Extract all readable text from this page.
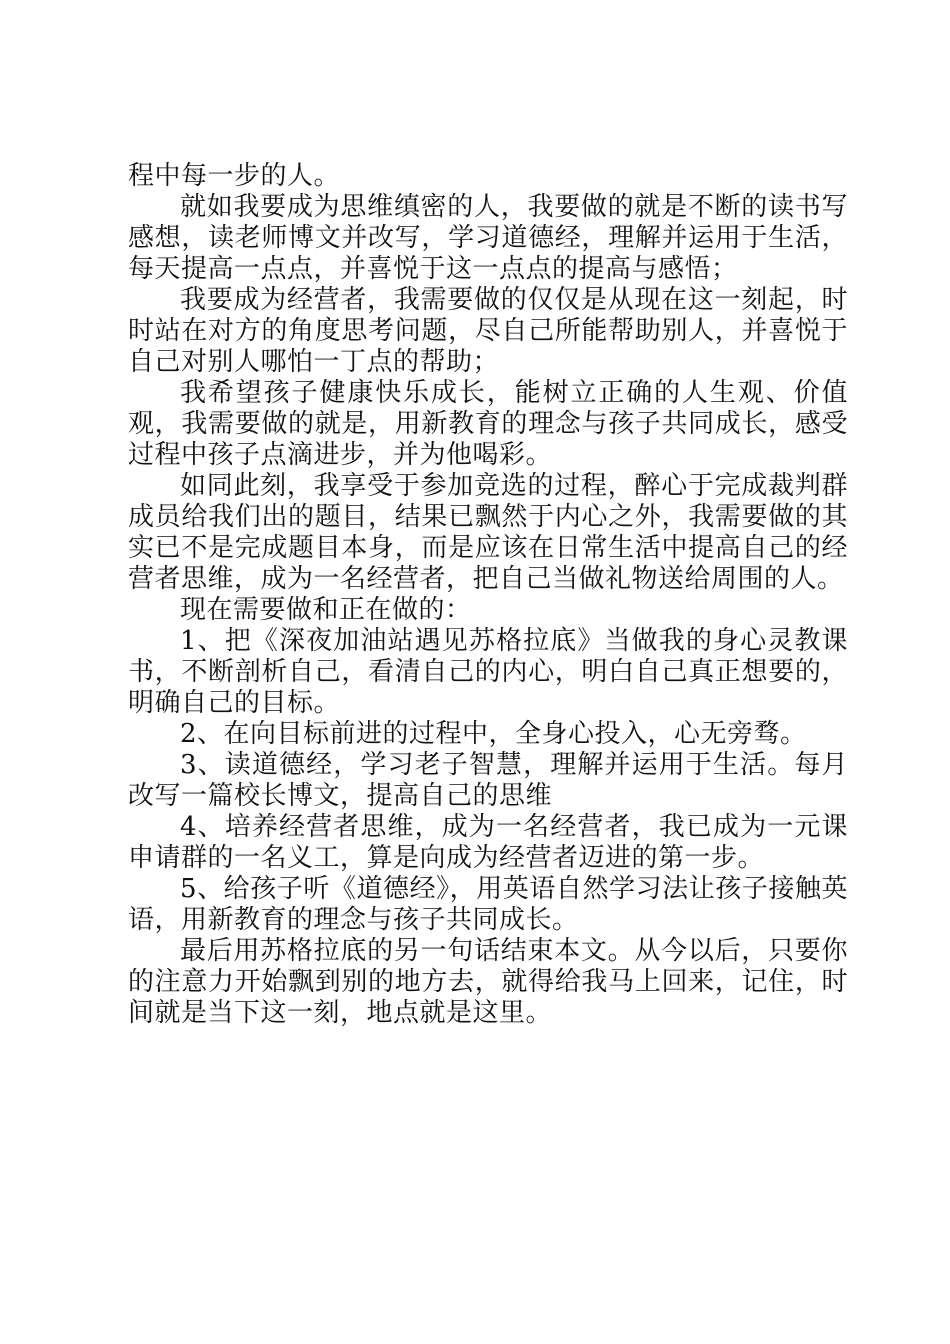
程中每一步的人。

就如我要成为思维缜密的人，我要做的就是不断的读书写感想，读老师博文并改写，学习道德经，理解并运用于生活，每天提高一点点，并喜悦于这一点点的提高与感悟；

我要成为经营者，我需要做的仅仅是从现在这一刻起，时时站在对方的角度思考问题，尽自己所能帮助别人，并喜悦于自己对别人哪怕一丁点的帮助；

我希望孩子健康快乐成长，能树立正确的人生观、价值观，我需要做的就是，用新教育的理念与孩子共同成长，感受过程中孩子点滴进步，并为他喝彩。

如同此刻，我享受于参加竞选的过程，醉心于完成裁判群成员给我们出的题目，结果已飘然于内心之外，我需要做的其实已不是完成题目本身，而是应该在日常生活中提高自己的经营者思维，成为一名经营者，把自己当做礼物送给周围的人。

现在需要做和正在做的：

1、把《深夜加油站遇见苏格拉底》当做我的身心灵教课书，不断剖析自己，看清自己的内心，明白自己真正想要的，明确自己的目标。

2、在向目标前进的过程中，全身心投入，心无旁骛。

3、读道德经，学习老子智慧，理解并运用于生活。每月改写一篇校长博文，提高自己的思维

4、培养经营者思维，成为一名经营者，我已成为一元课申请群的一名义工，算是向成为经营者迈进的第一步。

5、给孩子听《道德经》，用英语自然学习法让孩子接触英语，用新教育的理念与孩子共同成长。

最后用苏格拉底的另一句话结束本文。从今以后，只要你的注意力开始飘到别的地方去，就得给我马上回来，记住，时间就是当下这一刻，地点就是这里。
